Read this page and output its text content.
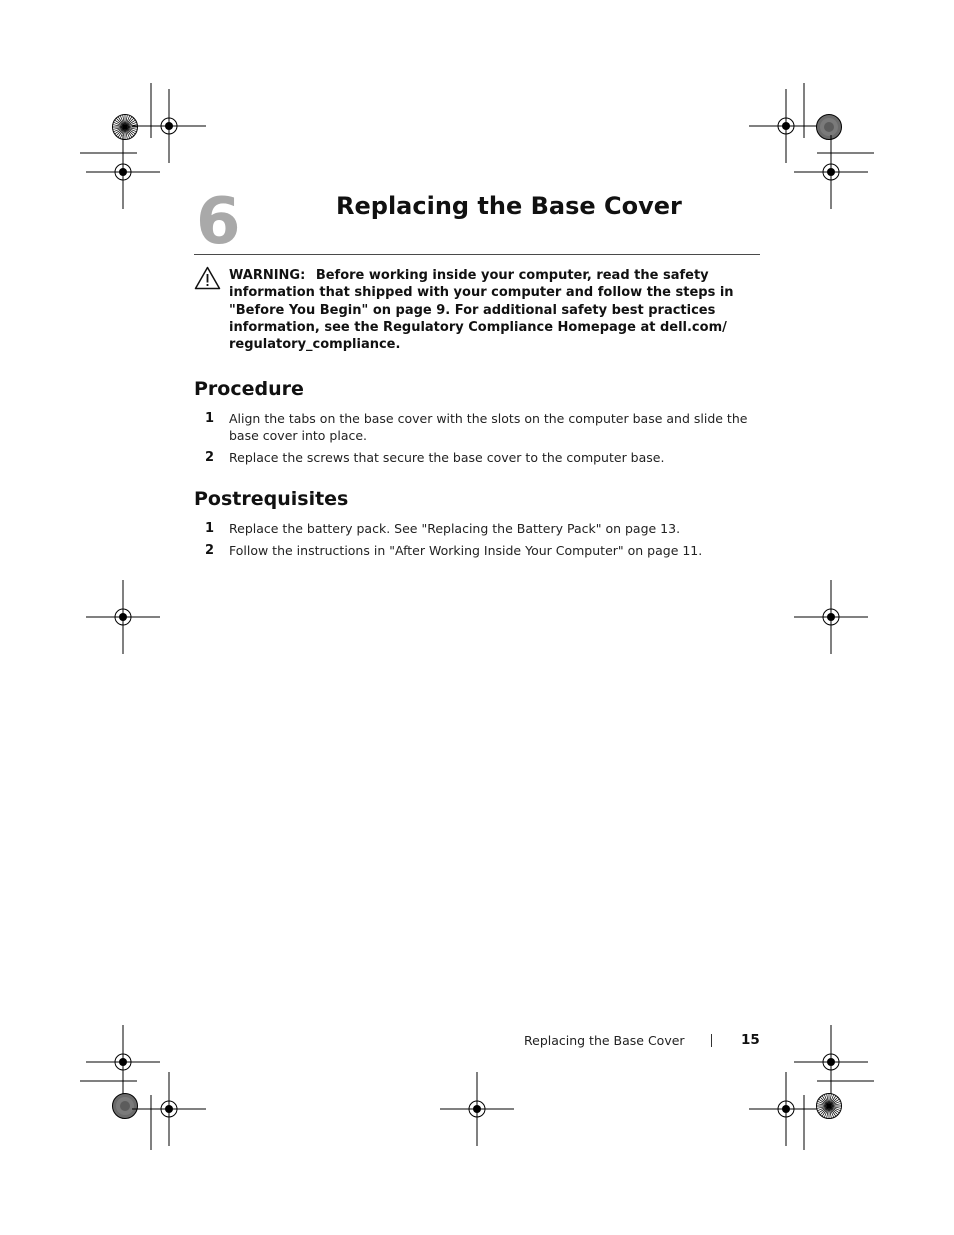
6	Replacing the Base Cover
WARNING: Before working inside your computer, read the safety information that shipped with your computer and follow the steps in "Before You Begin" on page 9. For additional safety best practices information, see the Regulatory Compliance Homepage at dell.com/ regulatory_compliance.
Procedure
1 Align the tabs on the base cover with the slots on the computer base and slide the base cover into place.
2 Replace the screws that secure the base cover to the computer base.
Postrequisites
1 Replace the battery pack. See "Replacing the Battery Pack" on page 13.
2 Follow the instructions in "After Working Inside Your Computer" on page 11.
Replacing the Base Cover	15
